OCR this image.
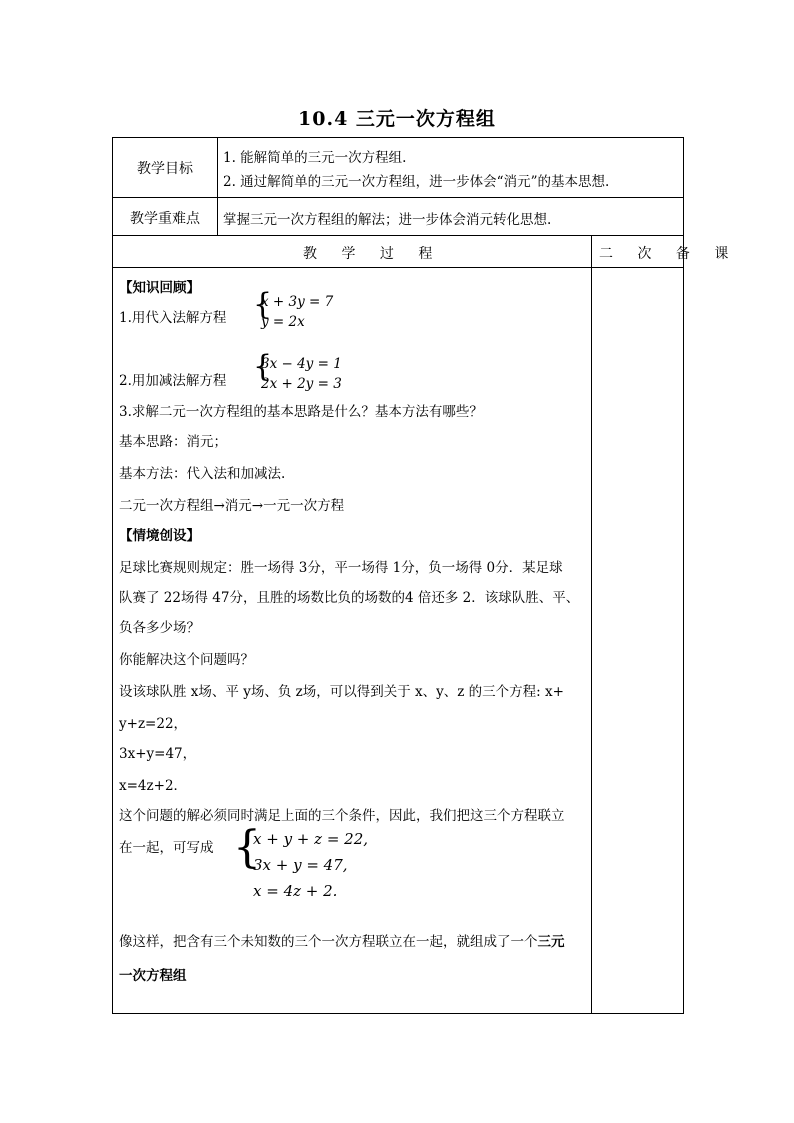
10.4 三元一次方程组
教学目标
1. 能解简单的三元一次方程组.
2. 通过解简单的三元一次方程组，进一步体会“消元”的基本思想.
教学重难点	掌握三元一次方程组的解法；进一步体会消元转化思想.
教 学 过 程	二 次 备 课
【知识回顾】
1.用代入法解方程 {
x + 3y = 7
y = 2x
2.用加减法解方程 {
3x − 4y = 1
2x + 2y = 3
3.求解二元一次方程组的基本思路是什么？基本方法有哪些？
基本思路：消元；
基本方法：代入法和加减法.
二元一次方程组→消元→一元一次方程
【情境创设】
足球比赛规则规定：胜一场得 3分，平一场得 1分，负一场得 0分．某足球
队赛了 22场得 47分，且胜的场数比负的场数的4 倍还多 2．该球队胜、平、
负各多少场？
你能解决这个问题吗？
设该球队胜 x场、平 y场、负 z场，可以得到关于 x、y、z 的三个方程: x+
y+z=22，
3x+y=47，
x=4z+2．
这个问题的解必须同时满足上面的三个条件，因此，我们把这三个方程联立
在一起，可写成 {
x + y + z = 22,
3x + y = 47,
x = 4z + 2.
像这样，把含有三个未知数的三个一次方程联立在一起，就组成了一个三元
一次方程组
